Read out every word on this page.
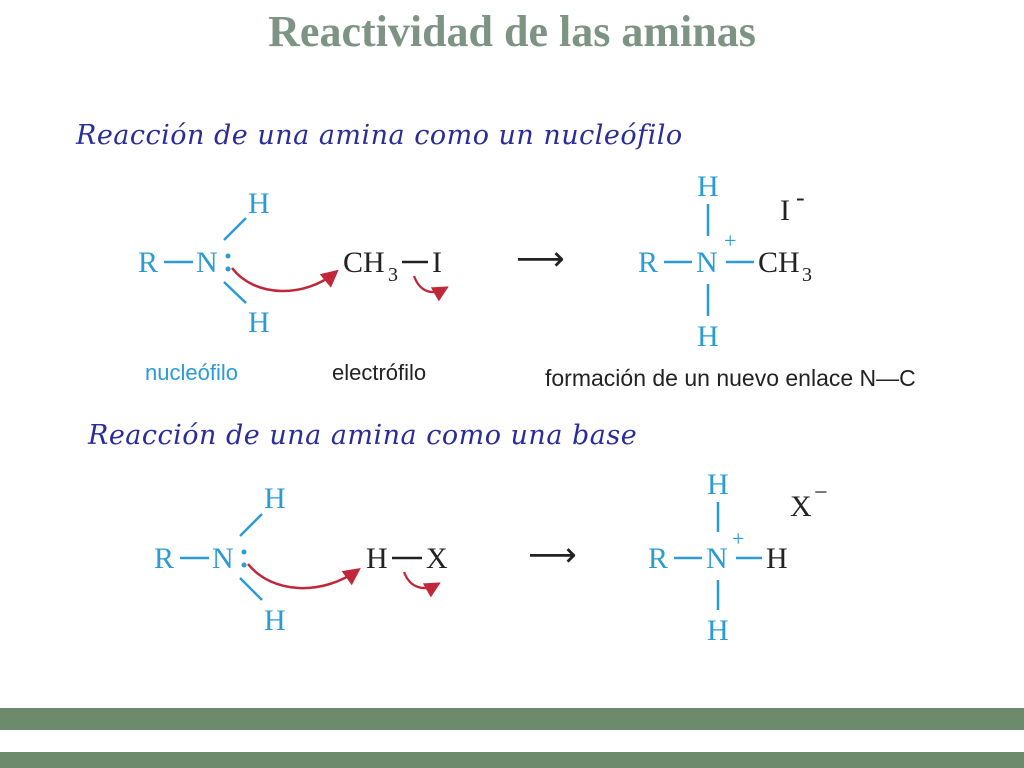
Reactividad de las aminas
Reacción de una amina como un nucleófilo
Reacción de una amina como una base
R N
H
H
CH 3 I ⟶ R N
+
CH 3
H
H
I -
nucleófilo	electrófilo	formación de un nuevo enlace N—C
R N
H
H
H X ⟶ R N
+
H
H
H
X −
